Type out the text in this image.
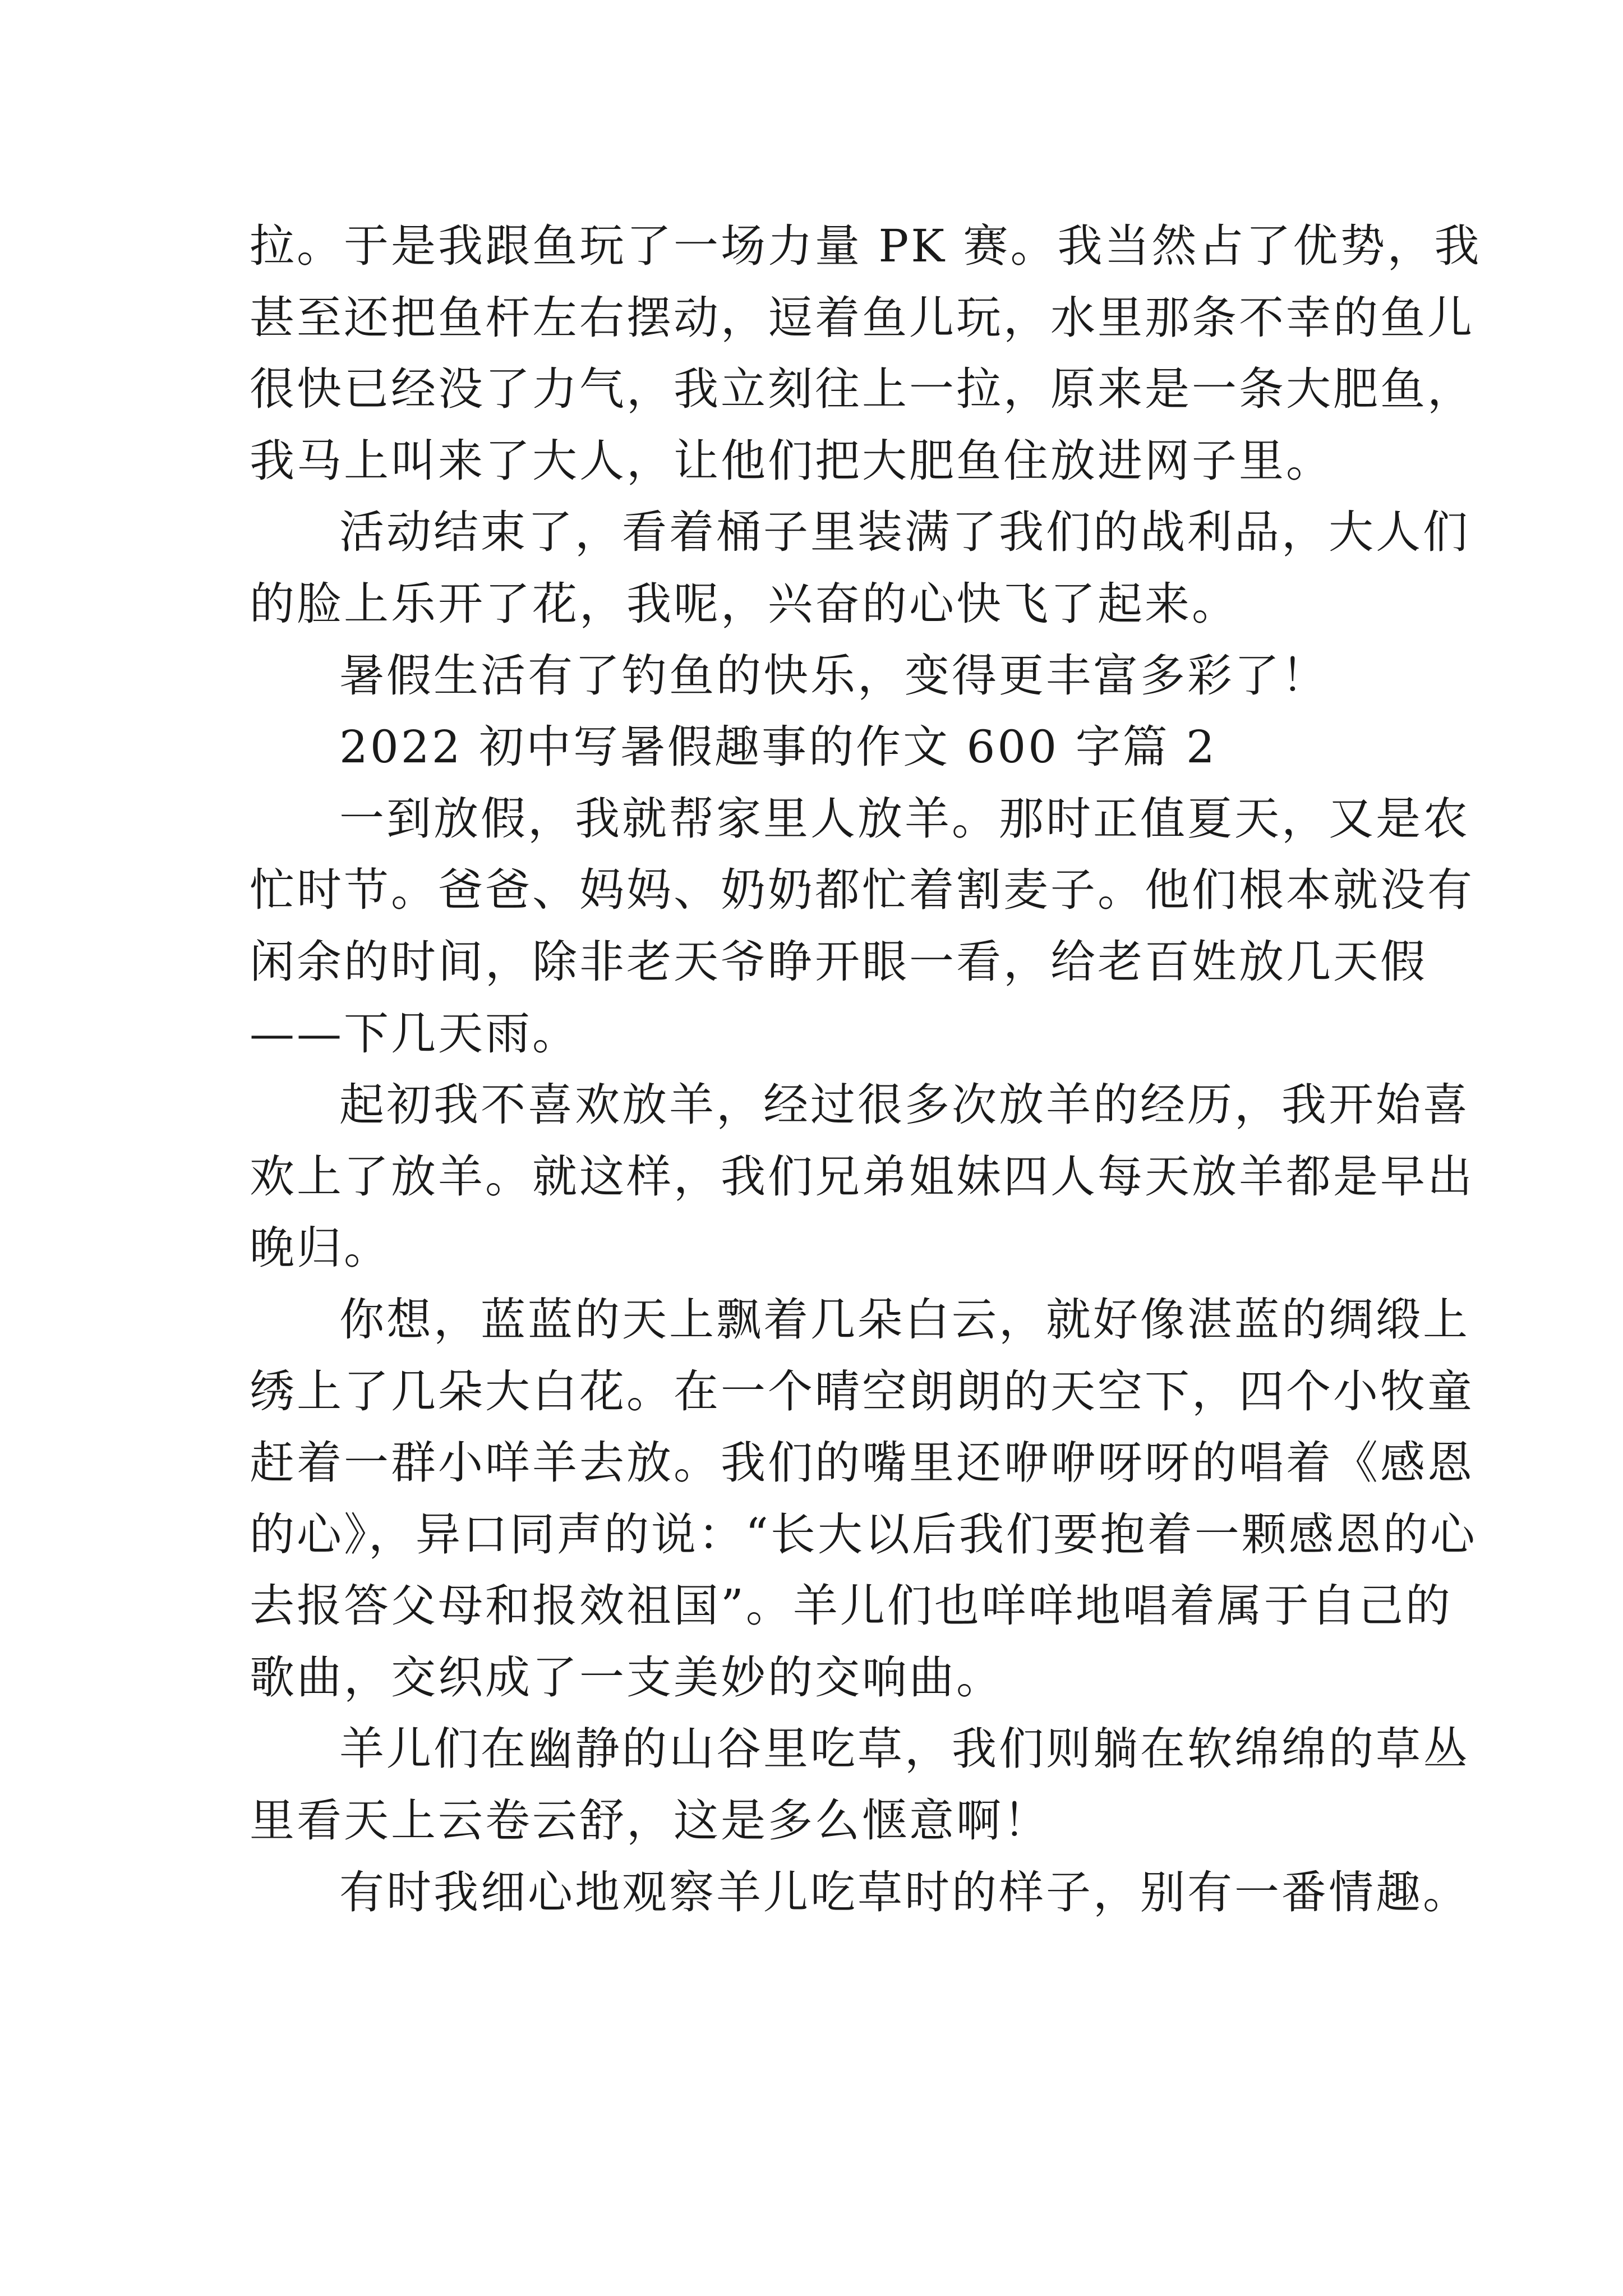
拉。于是我跟鱼玩了一场力量 PK 赛。我当然占了优势，我
甚至还把鱼杆左右摆动，逗着鱼儿玩，水里那条不幸的鱼儿
很快已经没了力气，我立刻往上一拉，原来是一条大肥鱼，
我马上叫来了大人，让他们把大肥鱼住放进网子里。
活动结束了，看着桶子里装满了我们的战利品，大人们
的脸上乐开了花，我呢，兴奋的心快飞了起来。
暑假生活有了钓鱼的快乐，变得更丰富多彩了！
2022 初中写暑假趣事的作文 600 字篇 2
一到放假，我就帮家里人放羊。那时正值夏天，又是农
忙时节。爸爸、妈妈、奶奶都忙着割麦子。他们根本就没有
闲余的时间，除非老天爷睁开眼一看，给老百姓放几天假
——下几天雨。
起初我不喜欢放羊，经过很多次放羊的经历，我开始喜
欢上了放羊。就这样，我们兄弟姐妹四人每天放羊都是早出
晚归。
你想，蓝蓝的天上飘着几朵白云，就好像湛蓝的绸缎上
绣上了几朵大白花。在一个晴空朗朗的天空下，四个小牧童
赶着一群小咩羊去放。我们的嘴里还咿咿呀呀的唱着《感恩
的心》，异口同声的说：“长大以后我们要抱着一颗感恩的心
去报答父母和报效祖国”。羊儿们也咩咩地唱着属于自己的
歌曲，交织成了一支美妙的交响曲。
羊儿们在幽静的山谷里吃草，我们则躺在软绵绵的草丛
里看天上云卷云舒，这是多么惬意啊！
有时我细心地观察羊儿吃草时的样子，别有一番情趣。
